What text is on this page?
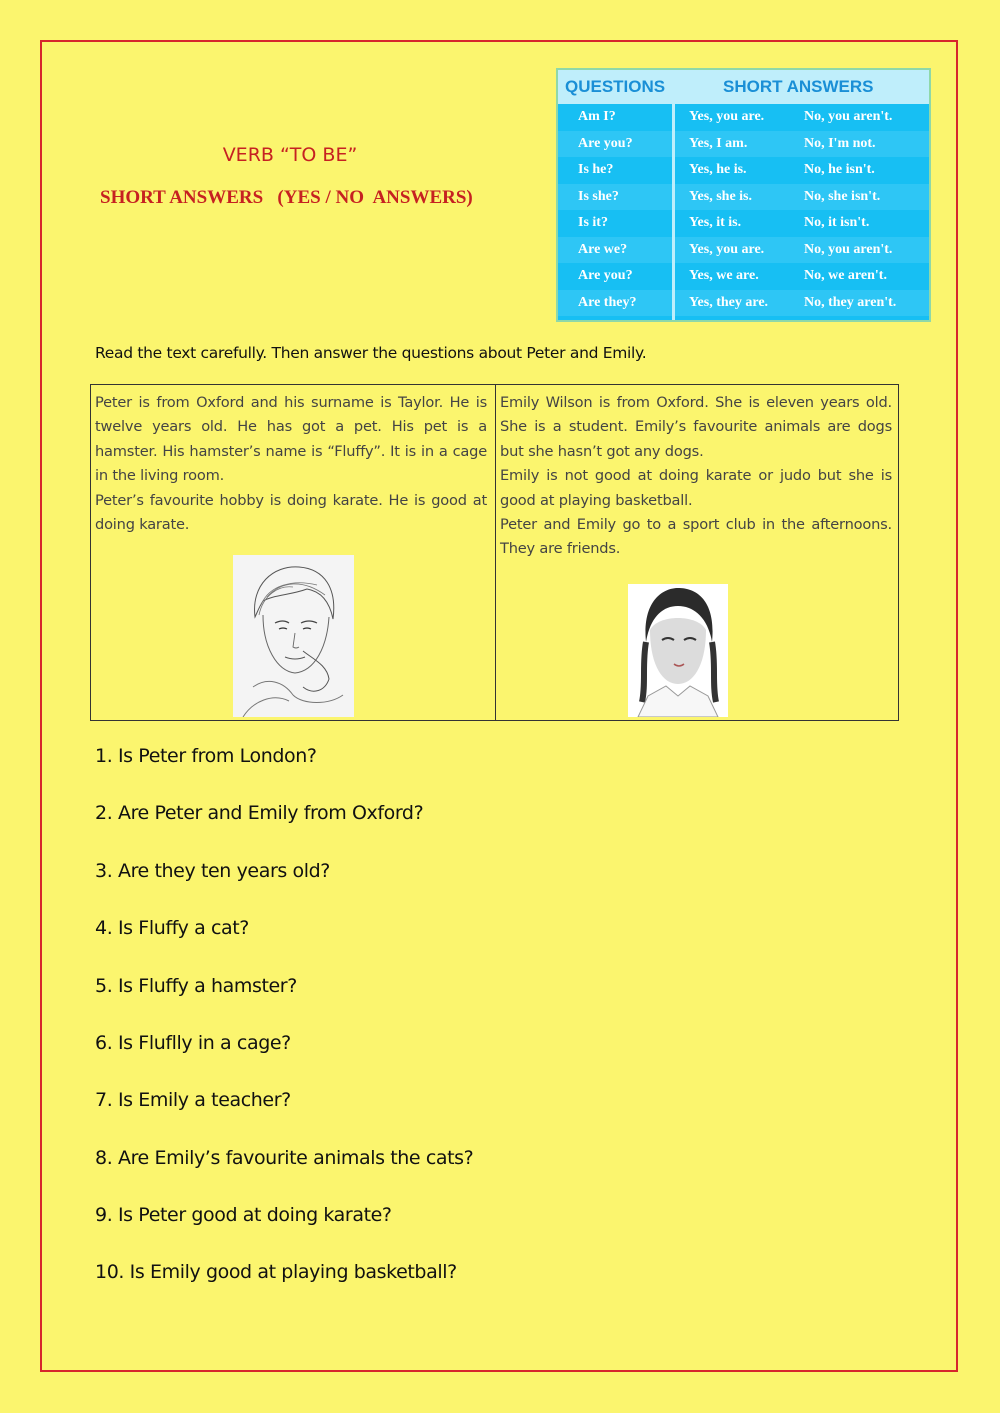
VERB “TO BE”
SHORT ANSWERS   (YES / NO  ANSWERS)
QUESTIONS	SHORT ANSWERS
Am I?	Yes, you are.	No, you aren't.
Are you?	Yes, I am.	No, I'm not.
Is he?	Yes, he is.	No, he isn't.
Is she?	Yes, she is.	No, she isn't.
Is it?	Yes, it is.	No, it isn't.
Are we?	Yes, you are.	No, you aren't.
Are you?	Yes, we are.	No, we aren't.
Are they?	Yes, they are.	No, they aren't.
Read the text carefully. Then answer the questions about Peter and Emily.

Peter is from Oxford and his surname is Taylor. He is twelve years old. He has got a pet. His pet is a hamster. His hamster’s name is “Fluffy”. It is in a cage in the living room.

Peter’s favourite hobby is doing karate. He is good at doing karate.

Emily Wilson is from Oxford. She is eleven years old. She is a student. Emily’s favourite animals are dogs but she hasn’t got any dogs.

Emily is not good at doing karate or judo but she is good at playing basketball.

Peter and Emily go to a sport club in the afternoons. They are friends.

1. Is Peter from London?
2. Are Peter and Emily from Oxford?
3. Are they ten years old?
4. Is Fluffy a cat?
5. Is Fluffy a hamster?
6. Is Fluflly in a cage?
7. Is Emily a teacher?
8. Are Emily’s favourite animals the cats?
9. Is Peter good at doing karate?
10. Is Emily good at playing basketball?
